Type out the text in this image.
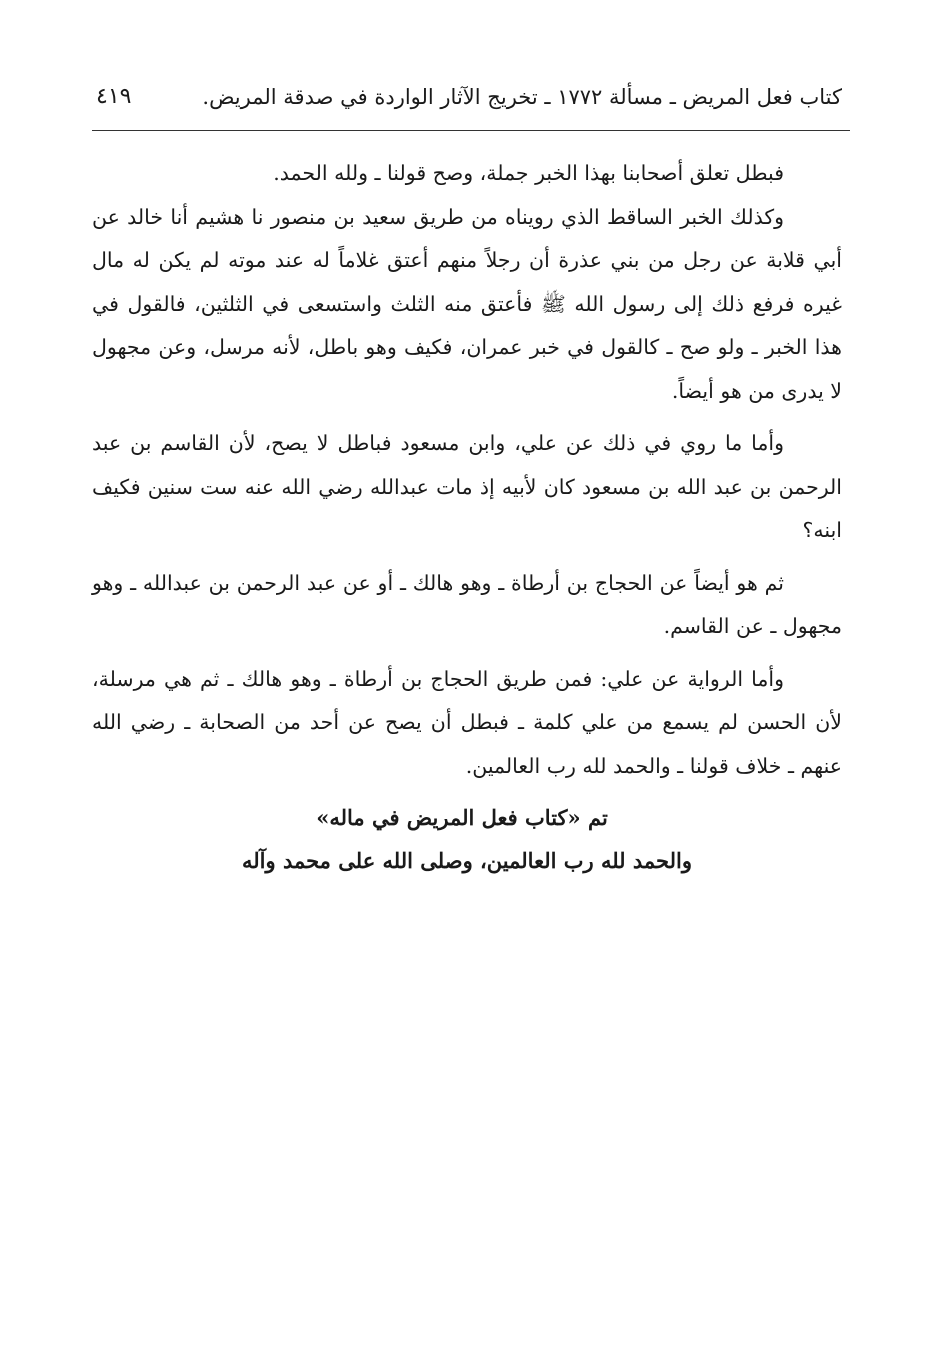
كتاب فعل المريض ـ مسألة ١٧٧٢ ـ تخريج الآثار الواردة في صدقة المريض.
٤١٩

فبطل تعلق أصحابنا بهذا الخبر جملة، وصح قولنا ـ ولله الحمد.

وكذلك الخبر الساقط الذي رويناه من طريق سعيد بن منصور نا هشيم أنا خالد عن أبي قلابة عن رجل من بني عذرة أن رجلاً منهم أعتق غلاماً له عند موته لم يكن له مال غيره فرفع ذلك إلى رسول الله ﷺ فأعتق منه الثلث واستسعى في الثلثين، فالقول في هذا الخبر ـ ولو صح ـ كالقول في خبر عمران، فكيف وهو باطل، لأنه مرسل، وعن مجهول لا يدرى من هو أيضاً.

وأما ما روي في ذلك عن علي، وابن مسعود فباطل لا يصح، لأن القاسم بن عبد الرحمن بن عبد الله بن مسعود كان لأبيه إذ مات عبدالله رضي الله عنه ست سنين فكيف ابنه؟

ثم هو أيضاً عن الحجاج بن أرطاة ـ وهو هالك ـ أو عن عبد الرحمن بن عبدالله ـ وهو مجهول ـ عن القاسم.

وأما الرواية عن علي: فمن طريق الحجاج بن أرطاة ـ وهو هالك ـ ثم هي مرسلة، لأن الحسن لم يسمع من علي كلمة ـ فبطل أن يصح عن أحد من الصحابة ـ رضي الله عنهم ـ خلاف قولنا ـ والحمد لله رب العالمين.

تم «كتاب فعل المريض في ماله»
والحمد لله رب العالمين، وصلى الله على محمد وآله
